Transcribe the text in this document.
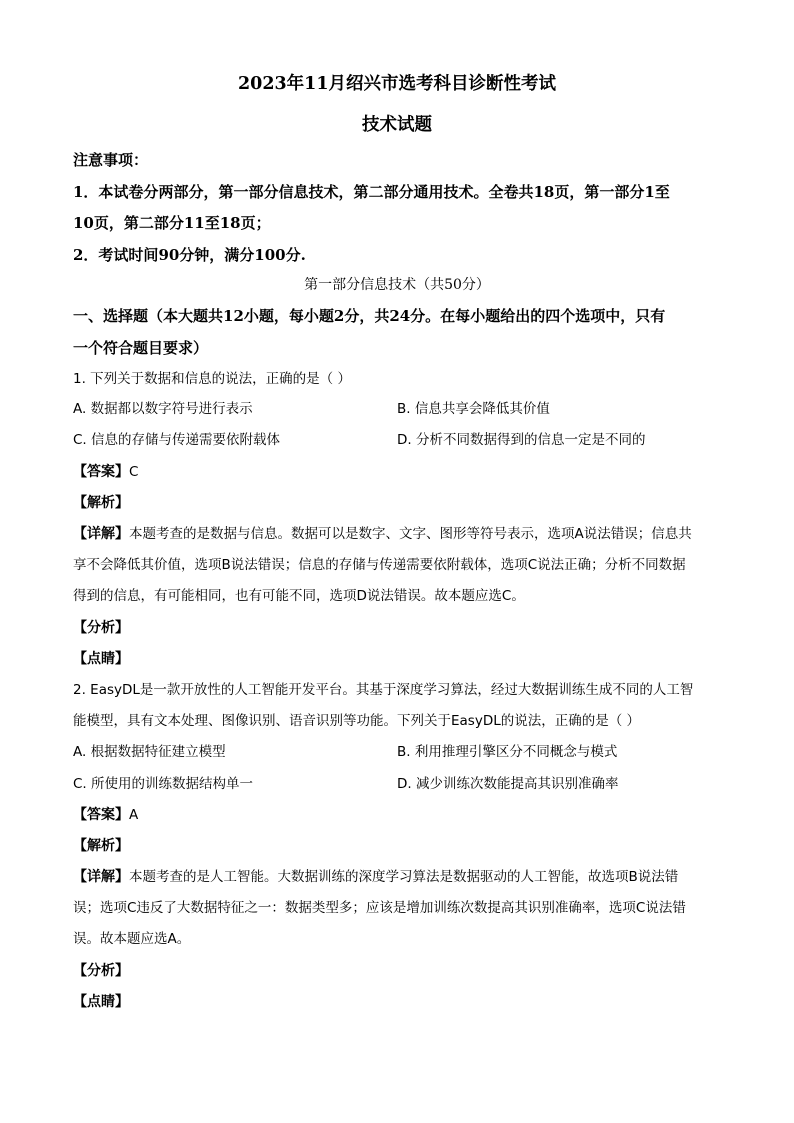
2023年11月绍兴市选考科目诊断性考试
技术试题
注意事项：
1．本试卷分两部分，第一部分信息技术，第二部分通用技术。全卷共18页，第一部分1至
10页，第二部分11至18页；
2．考试时间90分钟，满分100分.
第一部分信息技术（共50分）
一、选择题（本大题共12小题，每小题2分，共24分。在每小题给出的四个选项中，只有
一个符合题目要求）
1. 下列关于数据和信息的说法，正确的是（ ）
A. 数据都以数字符号进行表示	B. 信息共享会降低其价值
C. 信息的存储与传递需要依附载体	D. 分析不同数据得到的信息一定是不同的
【答案】C
【解析】
【详解】本题考查的是数据与信息。数据可以是数字、文字、图形等符号表示，选项A说法错误；信息共
享不会降低其价值，选项B说法错误；信息的存储与传递需要依附载体，选项C说法正确；分析不同数据
得到的信息，有可能相同，也有可能不同，选项D说法错误。故本题应选C。
【分析】
【点睛】
2. EasyDL是一款开放性的人工智能开发平台。其基于深度学习算法，经过大数据训练生成不同的人工智
能模型，具有文本处理、图像识别、语音识别等功能。下列关于EasyDL的说法，正确的是（ ）
A. 根据数据特征建立模型	B. 利用推理引擎区分不同概念与模式
C. 所使用的训练数据结构单一	D. 减少训练次数能提高其识别准确率
【答案】A
【解析】
【详解】本题考查的是人工智能。大数据训练的深度学习算法是数据驱动的人工智能，故选项B说法错
误；选项C违反了大数据特征之一：数据类型多；应该是增加训练次数提高其识别准确率，选项C说法错
误。故本题应选A。
【分析】
【点睛】
